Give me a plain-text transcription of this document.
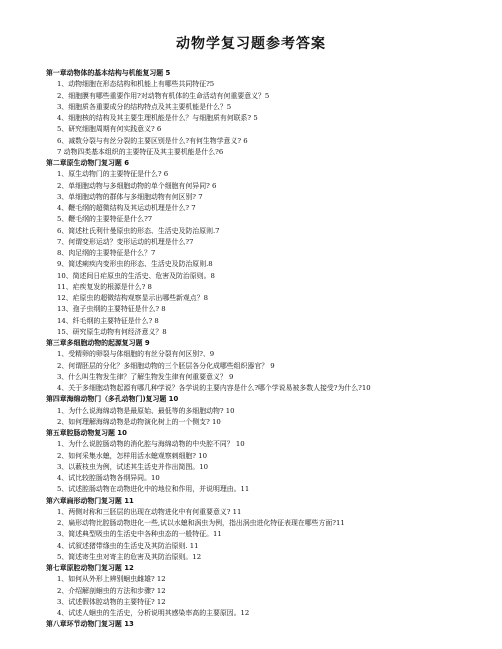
动物学复习题参考答案
第一章动物体的基本结构与机能复习题 5
1、动物细胞在形态结构和机能上有哪些共同特征?5
2、细胞膜有哪些重要作用?对动物有机体的生命活动有何重要意义？5
3、细胞质各重要成分的结构特点及其主要机能是什么？5
4、细胞核的结构及其主要生理机能是什么？与细胞质有何联系? 5
5、研究细胞周期有何实践意义? 6
6、减数分裂与有丝分裂的主要区别是什么?有何生物学意义? 6
7 动物四类基本组织的主要特征及其主要机能是什么?6
第二章原生动物门复习题 6
1、原生动物门的主要特征是什么? 6
2、单细胞动物与多细胞动物的单个细胞有何异同? 6
3、单细胞动物的群体与多细胞动物有何区别? 7
4、鞭毛纲的超微结构及其运动机理是什么? 7
5、鞭毛纲的主要特征是什么?7
6、简述杜氏利什曼原虫的形态、生活史及防治原则.7
7、何谓变形运动？变形运动的机理是什么?7
8、肉足纲的主要特征是什么？7
9、简述痢疾内变形虫的形态、生活史及防治原则.8
10、简述间日疟原虫的生活史、危害及防治原则。8
11、疟疾复发的根源是什么? 8
12、疟原虫的超微结构观察显示出哪些新观点？8
13、孢子虫纲的主要特征是什么? 8
14、纤毛纲的主要特征是什么? 8
15、研究原生动物有何经济意义？8
第三章多细胞动物的起源复习题 9
1、受精卵的卵裂与体细胞的有丝分裂有何区别?、9
2、何谓胚层的分化？多细胞动物的三个胚层各分化成哪些组织器官？ 9
3、什么叫生物发生律？了解生物发生律有何重要意义？ 9
4、关于多细胞动物起源有哪几种学说？各学说的主要内容是什么?哪个学说易被多数人接受?为什么?10
第四章海绵动物门（多孔动物门)复习题 10
1、为什么说海绵动物是最原始、最低等的多细胞动物? 10
2、如何理解海绵动物是动物演化树上的一个侧支? 10
第五章腔肠动物复习题 10
1、为什么说腔肠动物的消化腔与海绵动物的中央腔不同？ 10
2、如何采集水螅，怎样用活水螅观察刺细胞? 10
3、以薮枝虫为例，试述其生活史并作出简图。10
4、试比较腔肠动物各纲异同。10
5、试述腔肠动物在动物进化中的地位和作用，并说明理由。11
第六章扁形动物门复习题 11
1、两侧对称和三胚层的出现在动物进化中有何重要意义? 11
2、扁形动物比腔肠动物进化一些,试以水螅和涡虫为例，指出涡虫进化特征表现在哪些方面?11
3、简述典型吸虫的生活史中各种虫态的一般特征。11
4、试叙述猪带绦虫的生活史及其防治原则. 11
5、简述寄生虫对寄主的危害及其防治原则。12
第七章原腔动物门复习题 12
1、如何从外形上辨别蛔虫雌雄? 12
2、介绍解剖蛔虫的方法和步骤? 12
3、试述假体腔动物的主要特征? 12
4、试述人蛔虫的生活史，分析说明其感染率高的主要原因。12
第八章环节动物门复习题 13
